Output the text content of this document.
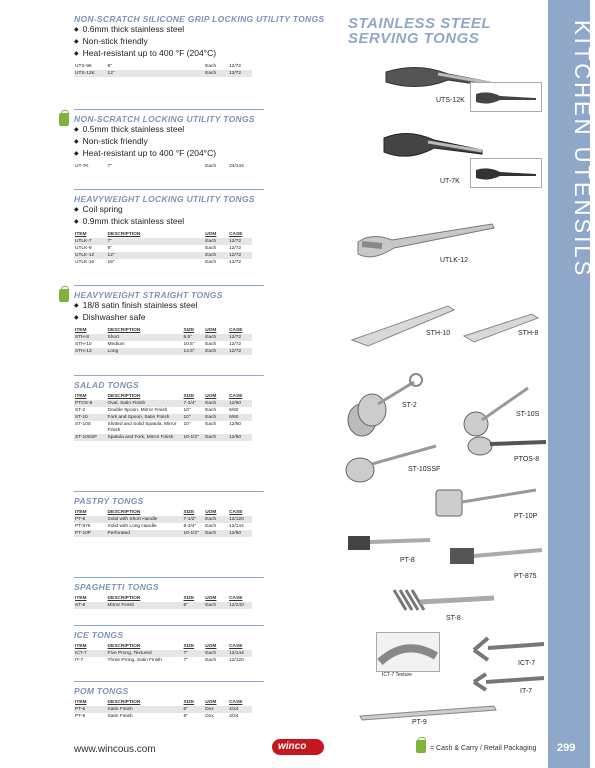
KITCHEN UTENSILS
299
STAINLESS STEEL
SERVING TONGS
NON-SCRATCH SILICONE GRIP LOCKING UTILITY TONGS
◆ 0.6mm thick stainless steel
◆ Non-stick friendly
◆ Heat-resistant up to 400 °F (204°C)
UTS-9K	9"		Each	12/72
UTS-12K	12"		Each	12/72
NON-SCRATCH LOCKING UTILITY TONGS
◆ 0.5mm thick stainless steel
◆ Non-stick friendly
◆ Heat-resistant up to 400 °F (204°C)
UT-7K	7"		Each	24/144
HEAVYWEIGHT LOCKING UTILITY TONGS
◆ Coil spring
◆ 0.9mm thick stainless steel
ITEM	DESCRIPTION		UOM	CASE
UTLK-7	7"		Each	12/72
UTLK-9	9"		Each	12/72
UTLK-12	12"		Each	12/72
UTLK-16	16"		Each	12/72
HEAVYWEIGHT STRAIGHT TONGS
◆ 18/8 satin finish stainless steel
◆ Dishwasher safe
ITEM	DESCRIPTION	SIZE	UOM	CASE
STH-8	Short	8.5"	Each	12/72
STH-10	Medium	10.5"	Each	12/72
STH-13	Long	13.5"	Each	12/72
SALAD TONGS
ITEM	DESCRIPTION	SIZE	UOM	CASE
PTOS-8	Oval, Satin Finish	7-3/4"	Each	12/60
ST-2	Double Spoon, Mirror Finish	10"	Each	6/60
ST-10	Fork and Spoon, Satin Finish	10"	Each	6/60
ST-10S	Slotted and Solid Spatula, Mirror Finish	10"	Each	12/60
ST-10SSF	Spatula and Fork, Mirror Finish	10-1/2"	Each	12/60
PASTRY TONGS
ITEM	DESCRIPTION	SIZE	UOM	CASE
PT-8	Solid with Short Handle	7-1/2"	Each	12/120
PT-875	Solid with Long Handle	8-3/4"	Each	12/144
PT-10P	Perforated	10-1/2"	Each	12/60
SPAGHETTI TONGS
ITEM	DESCRIPTION	SIZE	UOM	CASE
ST-8	Mirror Finish	8"	Each	12/240
ICE TONGS
ITEM	DESCRIPTION	SIZE	UOM	CASE
ICT-7	Five Prong, Textured	7"	Each	12/144
IT-7	Three Prong, Satin Finish	7"	Each	12/120
POM TONGS
ITEM	DESCRIPTION	SIZE	UOM	CASE
PT-6	Satin Finish	6"	Dox	4/24
PT-9	Satin Finish	9"	Dox	4/24
UTS-12K
UT-7K
UTLK-12
STH-10	STH-8
ST-2
ST-10S
ST-10SSF
PTOS-8
PT-10P
PT-8
PT-875
ST-8
ICT-7 Texture
ICT-7
IT-7
PT-9
www.wincous.com	winco	= Cash & Carry / Retail Packaging
